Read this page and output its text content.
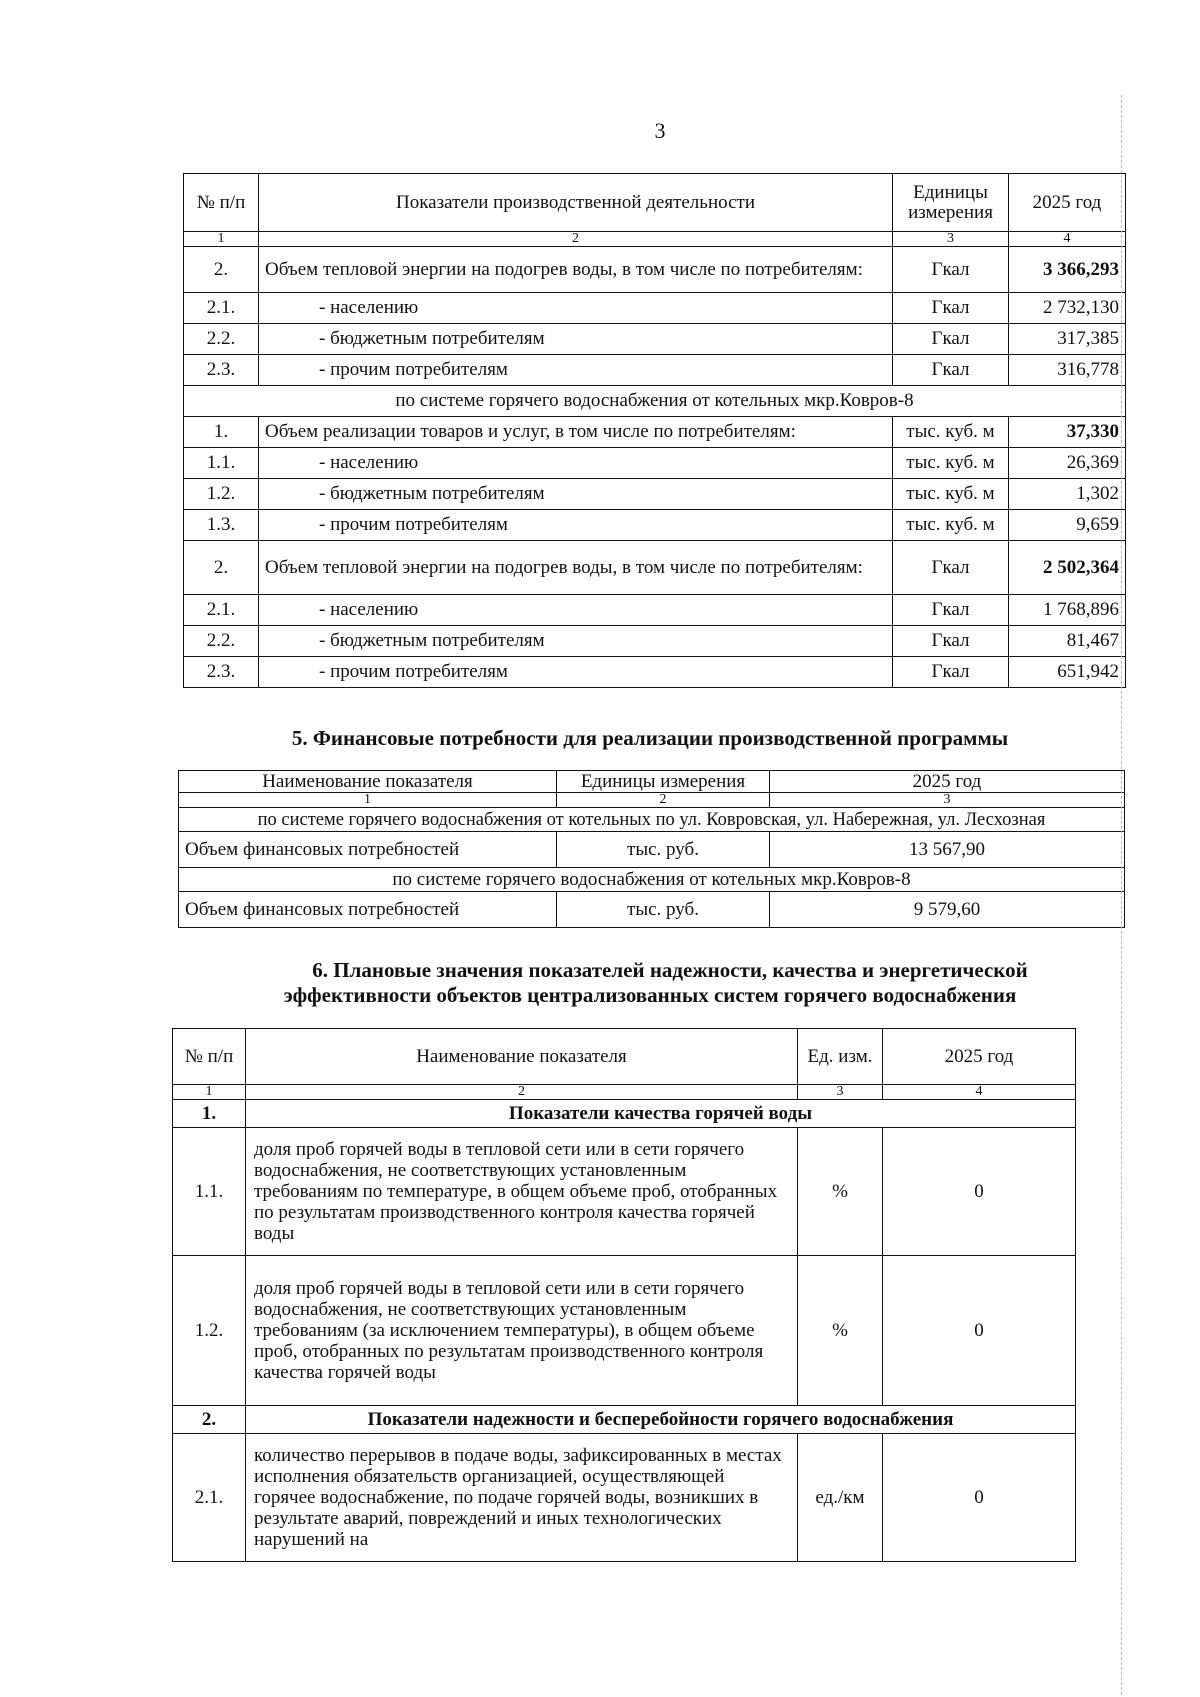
3
№ п/п	Показатели производственной деятельности	Единицы измерения	2025 год
1	2	3	4
2.	Объем тепловой энергии на подогрев воды, в том числе по потребителям:	Гкал	3 366,293
2.1.	- населению	Гкал	2 732,130
2.2.	- бюджетным потребителям	Гкал	317,385
2.3.	- прочим потребителям	Гкал	316,778
по системе горячего водоснабжения от котельных мкр.Ковров-8			
1.	Объем реализации товаров и услуг, в том числе по потребителям:	тыс. куб. м	37,330
1.1.	- населению	тыс. куб. м	26,369
1.2.	- бюджетным потребителям	тыс. куб. м	1,302
1.3.	- прочим потребителям	тыс. куб. м	9,659
2.	Объем тепловой энергии на подогрев воды, в том числе по потребителям:	Гкал	2 502,364
2.1.	- населению	Гкал	1 768,896
2.2.	- бюджетным потребителям	Гкал	81,467
2.3.	- прочим потребителям	Гкал	651,942
5. Финансовые потребности для реализации производственной программы
Наименование показателя	Единицы измерения	2025 год
1	2	3
по системе горячего водоснабжения от котельных по ул. Ковровская, ул. Набережная, ул. Лесхозная		
Объем финансовых потребностей	тыс. руб.	13 567,90
по системе горячего водоснабжения от котельных мкр.Ковров-8		
Объем финансовых потребностей	тыс. руб.	9 579,60
6. Плановые значения показателей надежности, качества и энергетической
эффективности объектов централизованных систем горячего водоснабжения
№ п/п	Наименование показателя	Ед. изм.	2025 год
1	2	3	4
1.	Показатели качества горячей воды		
1.1.	доля проб горячей воды в тепловой сети или в сети горячего водоснабжения, не соответствующих установленным требованиям по температуре, в общем объеме проб, отобранных по результатам производственного контроля качества горячей воды	%	0
1.2.	доля проб горячей воды в тепловой сети или в сети горячего водоснабжения, не соответствующих установленным требованиям (за исключением температуры), в общем объеме проб, отобранных по результатам производственного контроля качества горячей воды	%	0
2.	Показатели надежности и бесперебойности горячего водоснабжения		
2.1.	количество перерывов в подаче воды, зафиксированных в местах исполнения обязательств организацией, осуществляющей горячее водоснабжение, по подаче горячей воды, возникших в результате аварий, повреждений и иных технологических нарушений на	ед./км	0
